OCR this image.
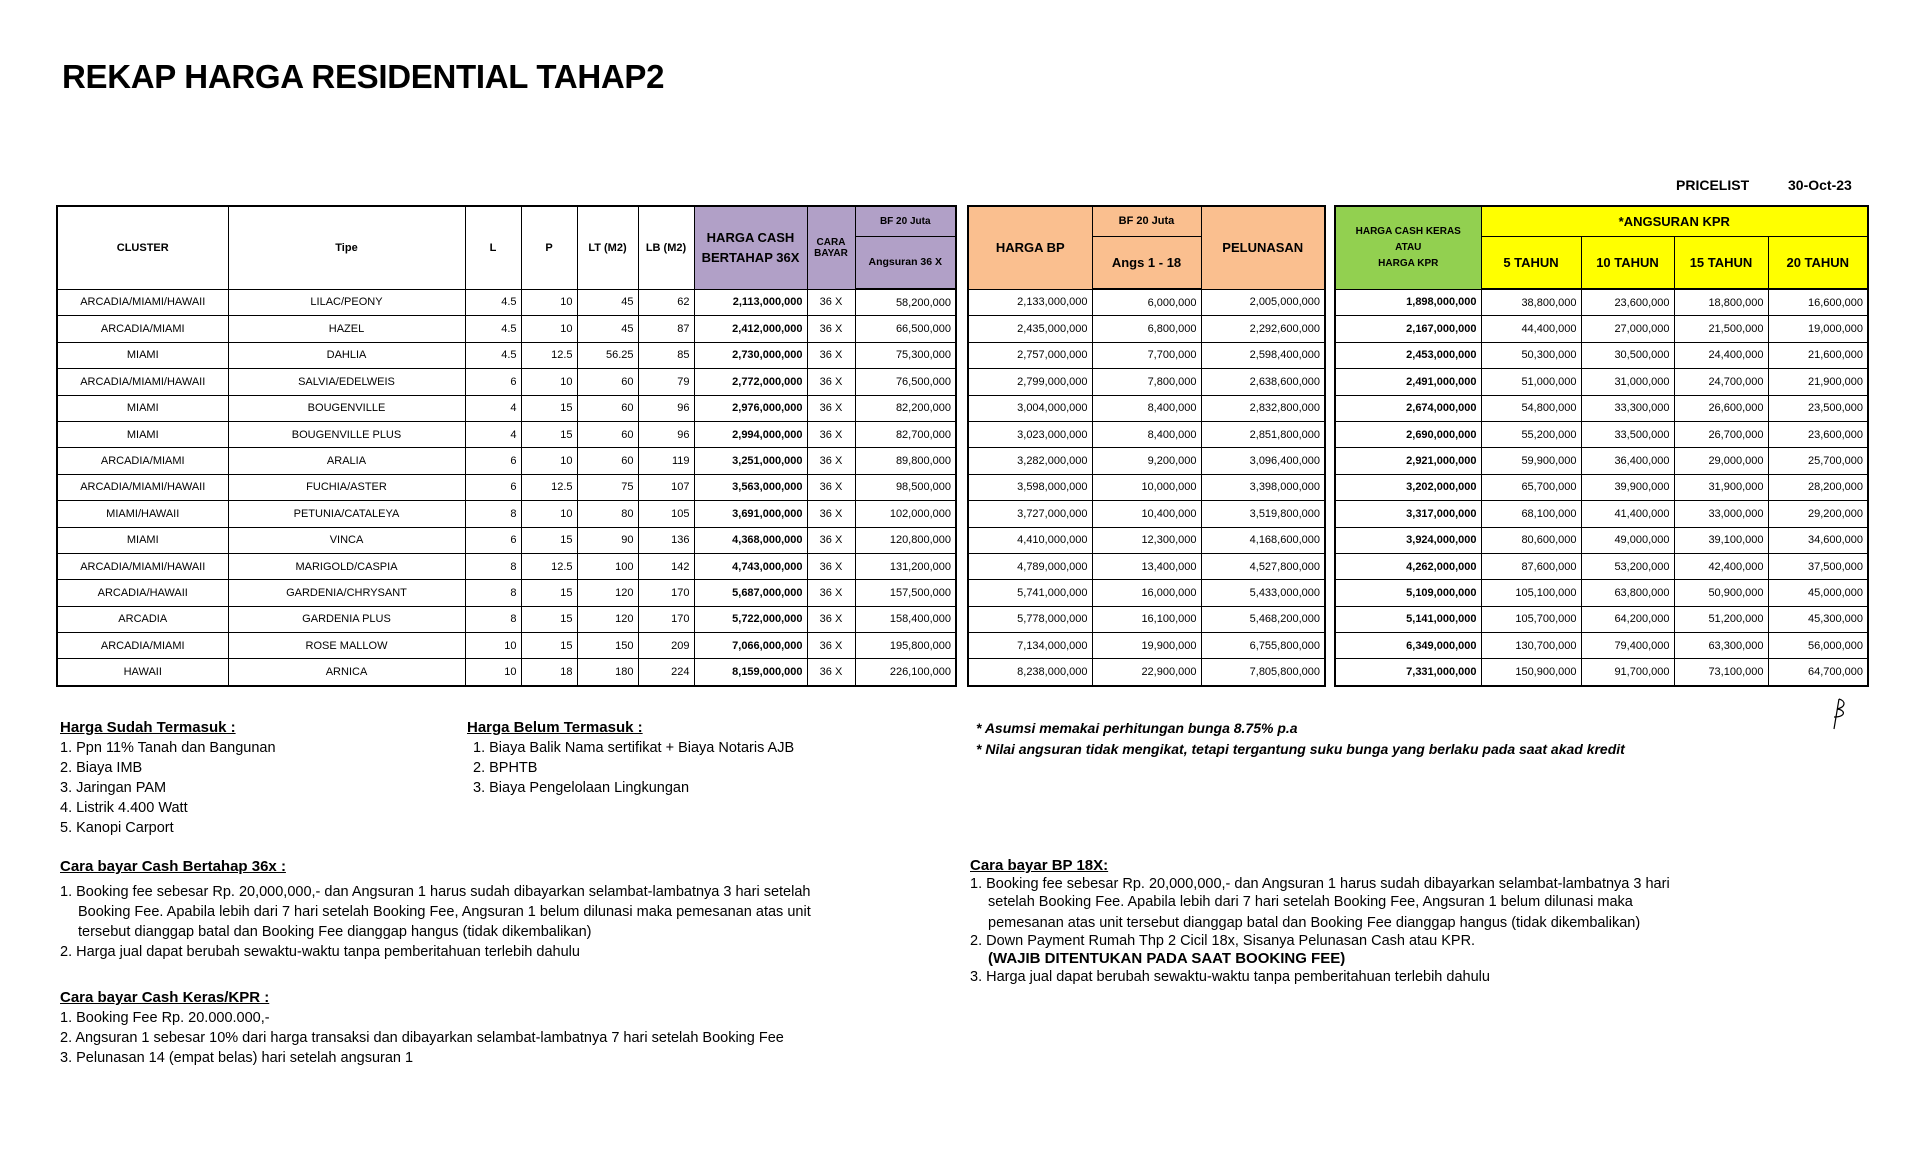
REKAP HARGA RESIDENTIAL TAHAP2
PRICELIST	30-Oct-23
CLUSTER	Tipe	L	P	LT (M2)	LB (M2)	HARGA CASH BERTAHAP 36X	CARA BAYAR	BF 20 Juta
								Angsuran 36 X
ARCADIA/MIAMI/HAWAII	LILAC/PEONY	4.5	10	45	62	2,113,000,000	36 X	58,200,000
ARCADIA/MIAMI	HAZEL	4.5	10	45	87	2,412,000,000	36 X	66,500,000
MIAMI	DAHLIA	4.5	12.5	56.25	85	2,730,000,000	36 X	75,300,000
ARCADIA/MIAMI/HAWAII	SALVIA/EDELWEIS	6	10	60	79	2,772,000,000	36 X	76,500,000
MIAMI	BOUGENVILLE	4	15	60	96	2,976,000,000	36 X	82,200,000
MIAMI	BOUGENVILLE PLUS	4	15	60	96	2,994,000,000	36 X	82,700,000
ARCADIA/MIAMI	ARALIA	6	10	60	119	3,251,000,000	36 X	89,800,000
ARCADIA/MIAMI/HAWAII	FUCHIA/ASTER	6	12.5	75	107	3,563,000,000	36 X	98,500,000
MIAMI/HAWAII	PETUNIA/CATALEYA	8	10	80	105	3,691,000,000	36 X	102,000,000
MIAMI	VINCA	6	15	90	136	4,368,000,000	36 X	120,800,000
ARCADIA/MIAMI/HAWAII	MARIGOLD/CASPIA	8	12.5	100	142	4,743,000,000	36 X	131,200,000
ARCADIA/HAWAII	GARDENIA/CHRYSANT	8	15	120	170	5,687,000,000	36 X	157,500,000
ARCADIA	GARDENIA PLUS	8	15	120	170	5,722,000,000	36 X	158,400,000
ARCADIA/MIAMI	ROSE MALLOW	10	15	150	209	7,066,000,000	36 X	195,800,000
HAWAII	ARNICA	10	18	180	224	8,159,000,000	36 X	226,100,000
HARGA BP	BF 20 Juta	PELUNASAN
	Angs 1 - 18	
2,133,000,000	6,000,000	2,005,000,000
2,435,000,000	6,800,000	2,292,600,000
2,757,000,000	7,700,000	2,598,400,000
2,799,000,000	7,800,000	2,638,600,000
3,004,000,000	8,400,000	2,832,800,000
3,023,000,000	8,400,000	2,851,800,000
3,282,000,000	9,200,000	3,096,400,000
3,598,000,000	10,000,000	3,398,000,000
3,727,000,000	10,400,000	3,519,800,000
4,410,000,000	12,300,000	4,168,600,000
4,789,000,000	13,400,000	4,527,800,000
5,741,000,000	16,000,000	5,433,000,000
5,778,000,000	16,100,000	5,468,200,000
7,134,000,000	19,900,000	6,755,800,000
8,238,000,000	22,900,000	7,805,800,000
HARGA CASH KERAS
ATAU
HARGA KPR	*ANGSURAN KPR			
	5 TAHUN	10 TAHUN	15 TAHUN	20 TAHUN
1,898,000,000	38,800,000	23,600,000	18,800,000	16,600,000
2,167,000,000	44,400,000	27,000,000	21,500,000	19,000,000
2,453,000,000	50,300,000	30,500,000	24,400,000	21,600,000
2,491,000,000	51,000,000	31,000,000	24,700,000	21,900,000
2,674,000,000	54,800,000	33,300,000	26,600,000	23,500,000
2,690,000,000	55,200,000	33,500,000	26,700,000	23,600,000
2,921,000,000	59,900,000	36,400,000	29,000,000	25,700,000
3,202,000,000	65,700,000	39,900,000	31,900,000	28,200,000
3,317,000,000	68,100,000	41,400,000	33,000,000	29,200,000
3,924,000,000	80,600,000	49,000,000	39,100,000	34,600,000
4,262,000,000	87,600,000	53,200,000	42,400,000	37,500,000
5,109,000,000	105,100,000	63,800,000	50,900,000	45,000,000
5,141,000,000	105,700,000	64,200,000	51,200,000	45,300,000
6,349,000,000	130,700,000	79,400,000	63,300,000	56,000,000
7,331,000,000	150,900,000	91,700,000	73,100,000	64,700,000
Harga Sudah Termasuk :
1. Ppn 11% Tanah dan Bangunan
2. Biaya IMB
3. Jaringan PAM
4. Listrik 4.400 Watt
5. Kanopi Carport
Harga Belum Termasuk :
1. Biaya Balik Nama sertifikat + Biaya Notaris AJB
2. BPHTB
3. Biaya Pengelolaan Lingkungan
* Asumsi memakai perhitungan bunga 8.75% p.a
* Nilai angsuran tidak mengikat, tetapi tergantung suku bunga yang berlaku pada saat akad kredit
Cara bayar Cash Bertahap 36x :
1. Booking fee sebesar Rp. 20,000,000,- dan Angsuran 1 harus sudah dibayarkan selambat-lambatnya 3 hari setelah
Booking Fee. Apabila lebih dari 7 hari setelah Booking Fee, Angsuran 1 belum dilunasi maka pemesanan atas unit
tersebut dianggap batal dan Booking Fee dianggap hangus (tidak dikembalikan)
2. Harga jual dapat berubah sewaktu-waktu tanpa pemberitahuan terlebih dahulu
Cara bayar Cash Keras/KPR :
1. Booking Fee Rp. 20.000.000,-
2. Angsuran 1 sebesar 10% dari harga transaksi dan dibayarkan selambat-lambatnya 7 hari setelah Booking Fee
3. Pelunasan 14 (empat belas) hari setelah angsuran 1
Cara bayar BP 18X:
1. Booking fee sebesar Rp. 20,000,000,- dan Angsuran 1 harus sudah dibayarkan selambat-lambatnya 3 hari
setelah Booking Fee. Apabila lebih dari 7 hari setelah Booking Fee, Angsuran 1 belum dilunasi maka
pemesanan atas unit tersebut dianggap batal dan Booking Fee dianggap hangus (tidak dikembalikan)
2. Down Payment Rumah Thp 2 Cicil 18x, Sisanya Pelunasan Cash atau KPR.
(WAJIB DITENTUKAN PADA SAAT BOOKING FEE)
3. Harga jual dapat berubah sewaktu-waktu tanpa pemberitahuan terlebih dahulu
